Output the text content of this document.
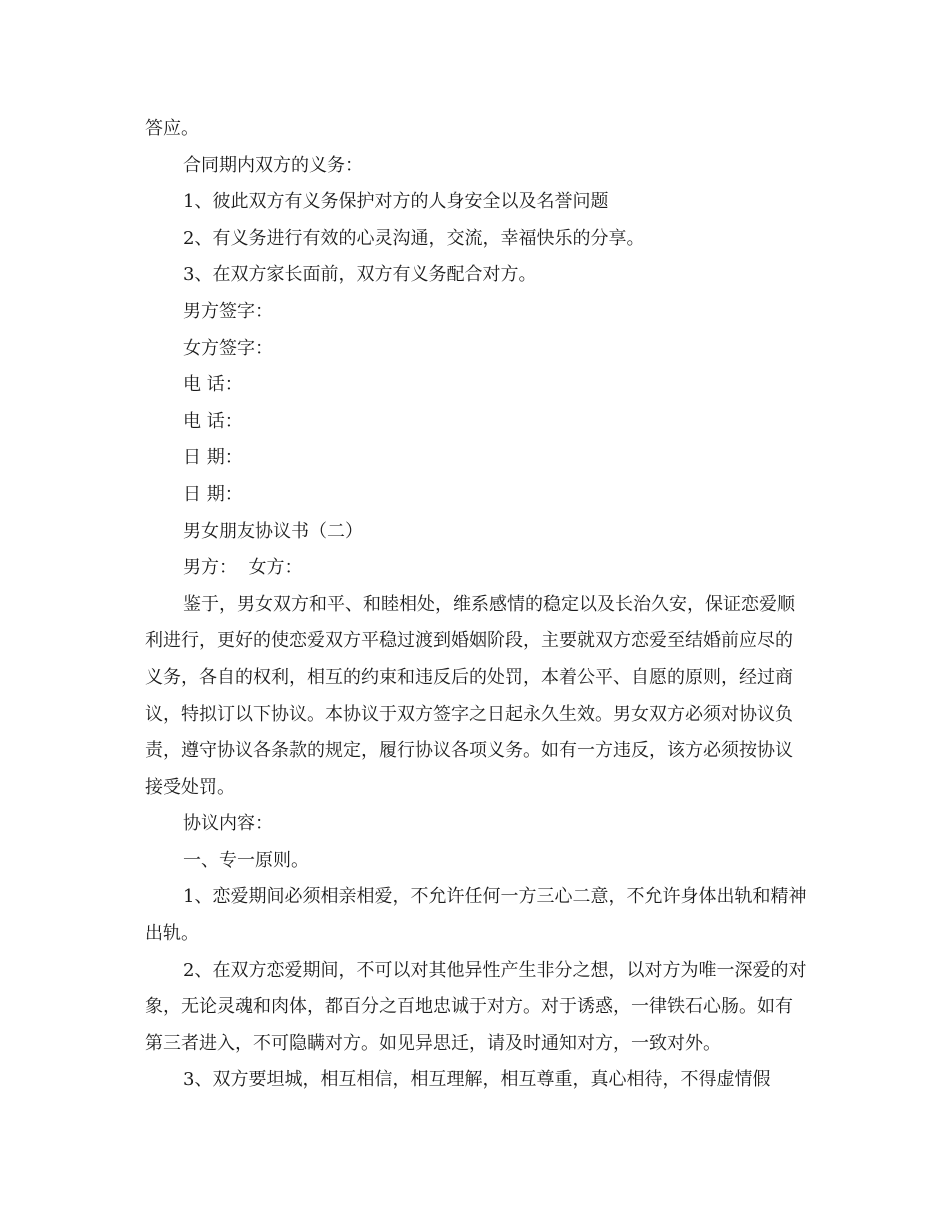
答应。

合同期内双方的义务：

1、彼此双方有义务保护对方的人身安全以及名誉问题

2、有义务进行有效的心灵沟通，交流，幸福快乐的分享。

3、在双方家长面前，双方有义务配合对方。

男方签字：

女方签字：

电 话：

电 话：

日 期：

日 期：

男女朋友协议书（二）

男方：  女方：

鉴于，男女双方和平、和睦相处，维系感情的稳定以及长治久安，保证恋爱顺利进行，更好的使恋爱双方平稳过渡到婚姻阶段，主要就双方恋爱至结婚前应尽的义务，各自的权利，相互的约束和违反后的处罚，本着公平、自愿的原则，经过商议，特拟订以下协议。本协议于双方签字之日起永久生效。男女双方必须对协议负责，遵守协议各条款的规定，履行协议各项义务。如有一方违反，该方必须按协议接受处罚。

协议内容：

一、专一原则。

1、恋爱期间必须相亲相爱，不允许任何一方三心二意，不允许身体出轨和精神出轨。

2、在双方恋爱期间，不可以对其他异性产生非分之想，以对方为唯一深爱的对象，无论灵魂和肉体，都百分之百地忠诚于对方。对于诱惑，一律铁石心肠。如有第三者进入，不可隐瞒对方。如见异思迁，请及时通知对方，一致对外。

3、双方要坦城，相互相信，相互理解，相互尊重，真心相待，不得虚情假
